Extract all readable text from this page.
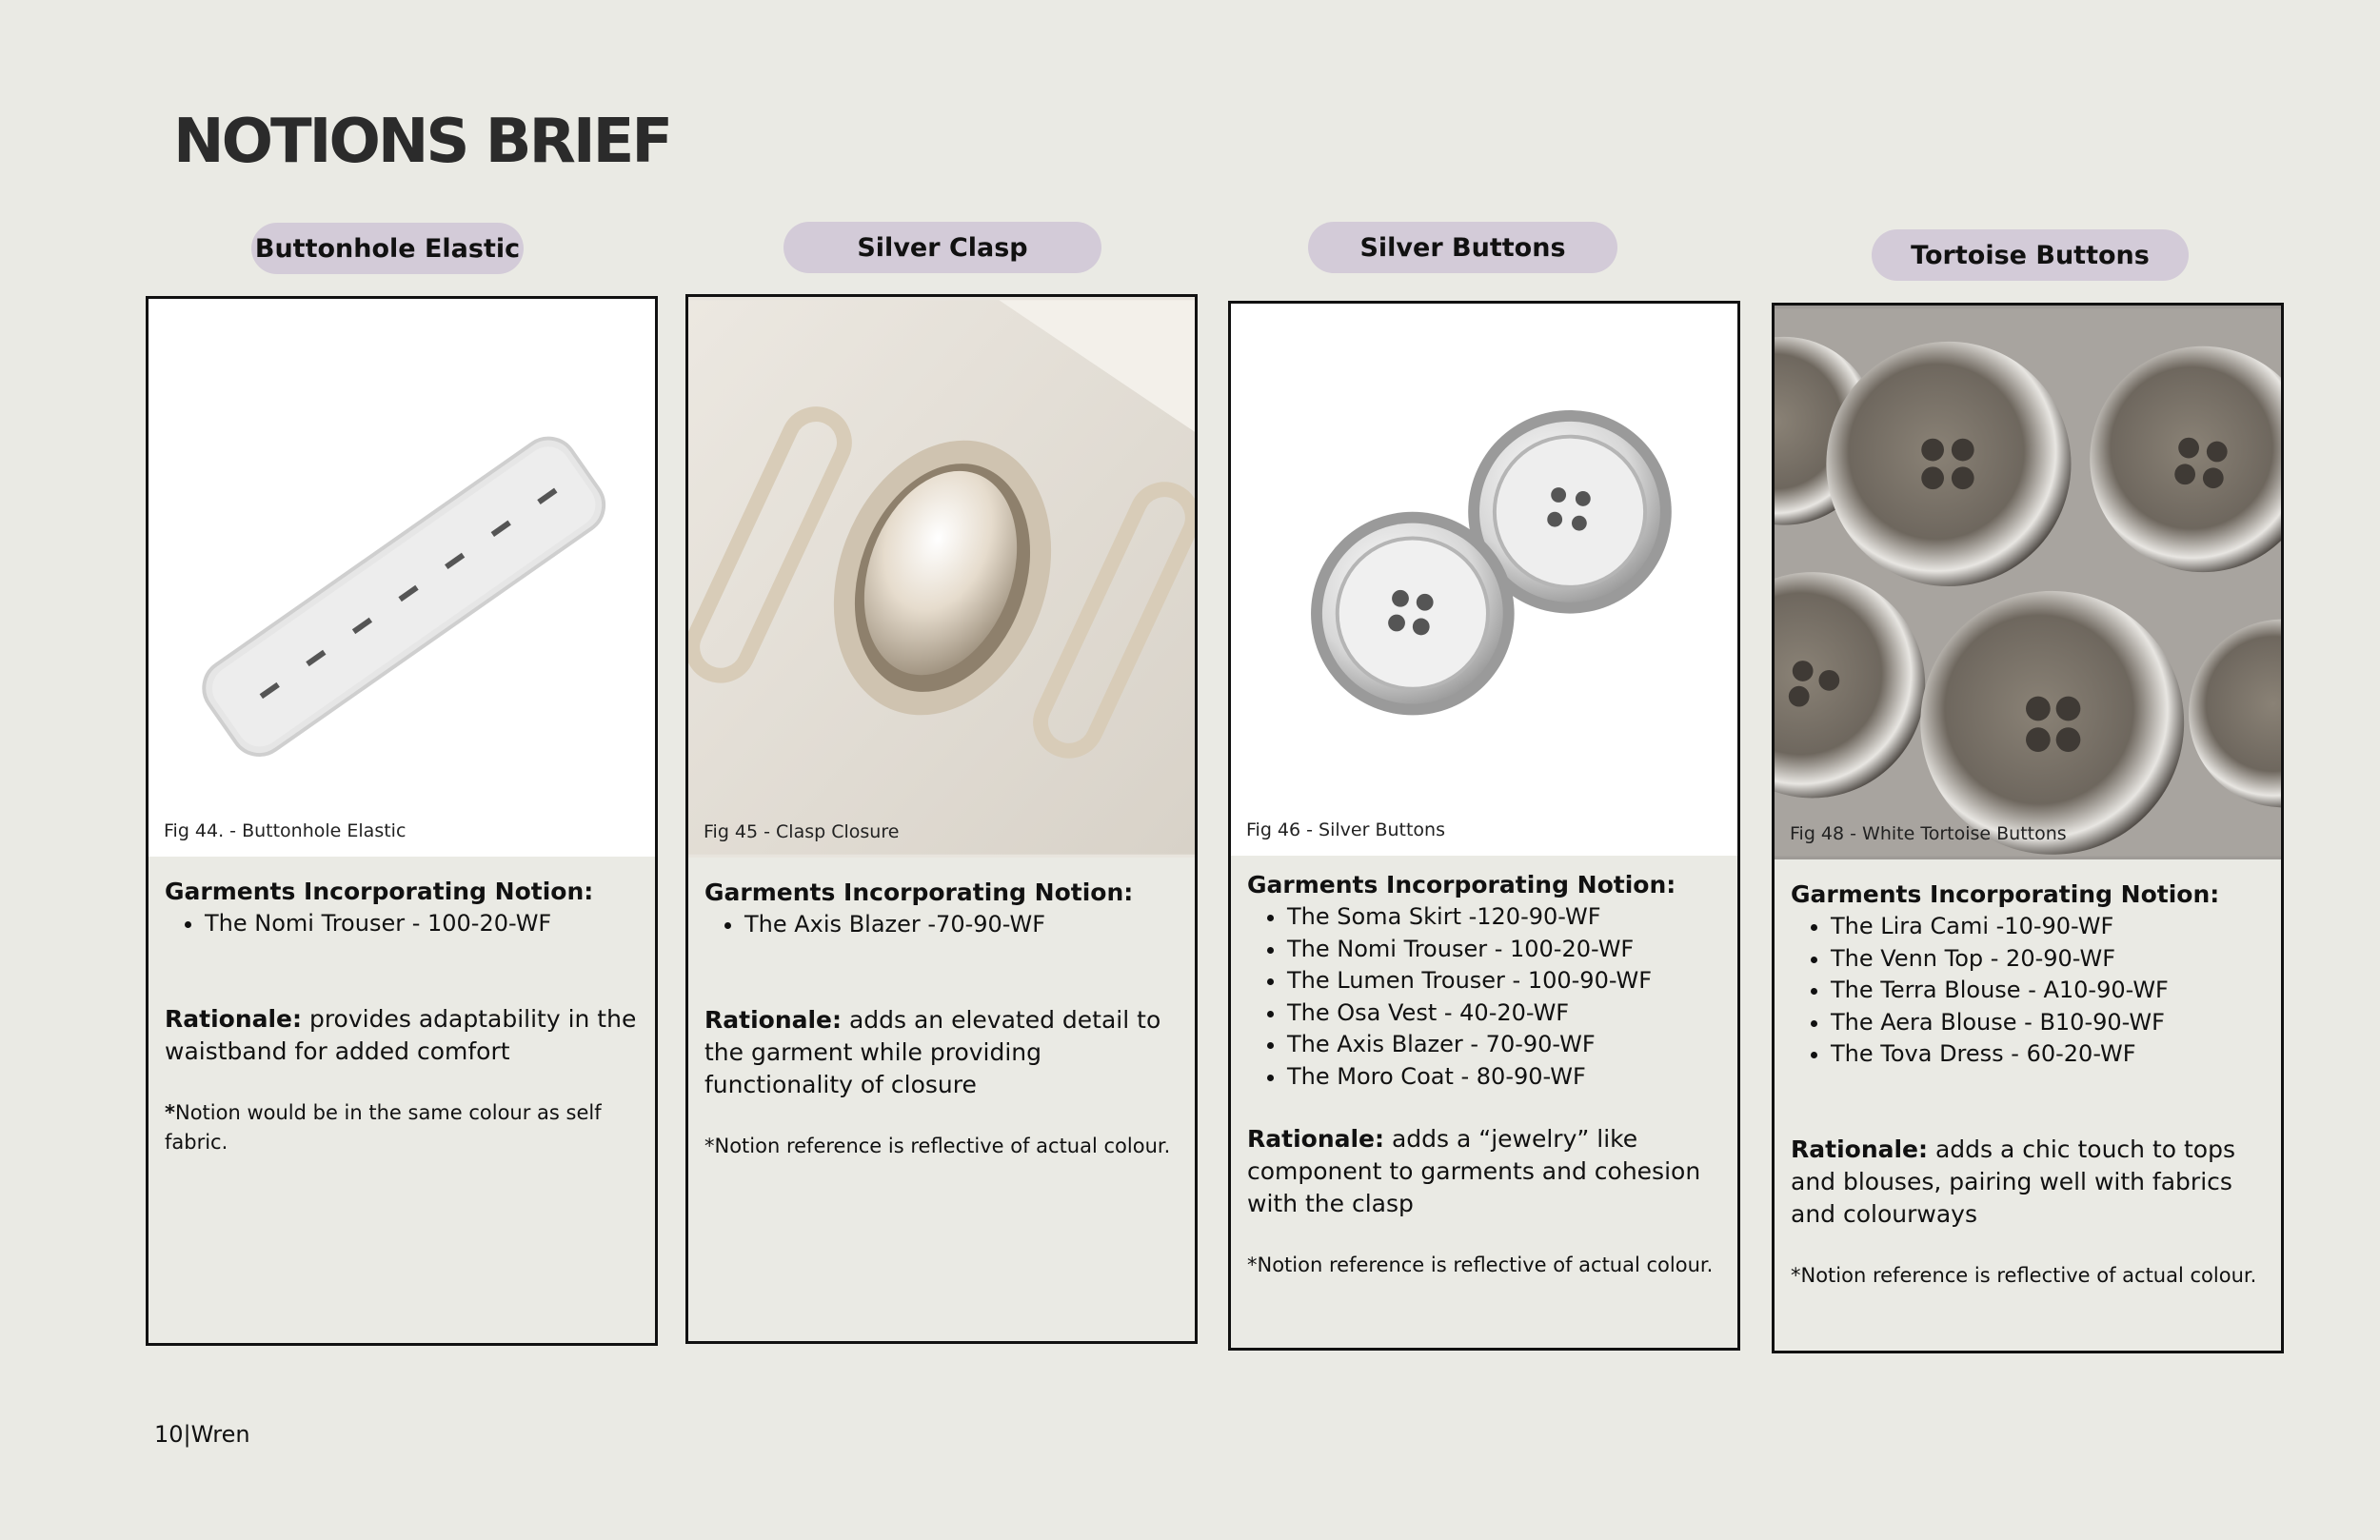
NOTIONS BRIEF
Buttonhole Elastic	Silver Clasp	Silver Buttons	Tortoise Buttons
Fig 44. - Buttonhole Elastic
Garments Incorporating Notion:
• The Nomi Trouser - 100-20-WF
Rationale: provides adaptability in the waistband for added comfort
*Notion would be in the same colour as self fabric.
Fig 45 - Clasp Closure
Garments Incorporating Notion:
• The Axis Blazer -70-90-WF
Rationale: adds an elevated detail to the garment while providing functionality of closure
*Notion reference is reflective of actual colour.
Fig 46 - Silver Buttons
Garments Incorporating Notion:
• The Soma Skirt -120-90-WF
• The Nomi Trouser - 100-20-WF
• The Lumen Trouser - 100-90-WF
• The Osa Vest - 40-20-WF
• The Axis Blazer - 70-90-WF
• The Moro Coat - 80-90-WF
Rationale: adds a “jewelry” like component to garments and cohesion with the clasp
*Notion reference is reflective of actual colour.
Fig 48 - White Tortoise Buttons
Garments Incorporating Notion:
• The Lira Cami -10-90-WF
• The Venn Top - 20-90-WF
• The Terra Blouse - A10-90-WF
• The Aera Blouse - B10-90-WF
• The Tova Dress - 60-20-WF
Rationale: adds a chic touch to tops and blouses, pairing well with fabrics and colourways
*Notion reference is reflective of actual colour.
10|Wren
